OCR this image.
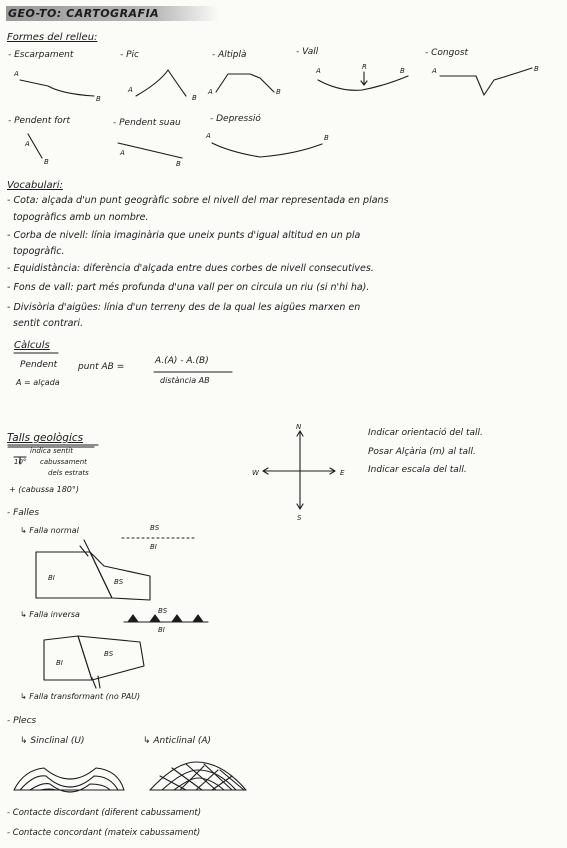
GEO-TO: CARTOGRAFIA
Formes del relleu:
- Escarpament	- Pic	- Altiplà	- Vall	- Congost
- Pendent fort	- Pendent suau	- Depressió
Vocabulari:
- Cota: alçada d'un punt geogràfic sobre el nivell del mar representada en plans
topogràfics amb un nombre.
- Corba de nivell: línia imaginària que uneix punts d'igual altitud en un pla
topogràfic.
- Equidistància: diferència d'alçada entre dues corbes de nivell consecutives.
- Fons de vall: part més profunda d'una vall per on circula un riu (si n'hi ha).
- Divisòria d'aigües: línia d'un terreny des de la qual les aigües marxen en
sentit contrari.
Càlculs
Pendent punt AB =
A.(A) - A.(B)
distància AB
A = alçada
Talls geològics
10°
indica sentit
cabussament
dels estrats
+ (cabussa 180°)
Indicar orientació del tall.
Posar Alçària (m) al tall.
Indicar escala del tall.
- Falles
↳ Falla normal
↳ Falla inversa
↳ Falla transformant (no PAU)
- Plecs
↳ Sinclinal (U)	↳ Anticlinal (A)
- Contacte discordant (diferent cabussament)
- Contacte concordant (mateix cabussament)
A
B
A
B
A	B
A	R	B	A	B
A
B
A
B
A	B
N
S
E
W
BS
BI
BI	BS
BS
BI
BI
BS
